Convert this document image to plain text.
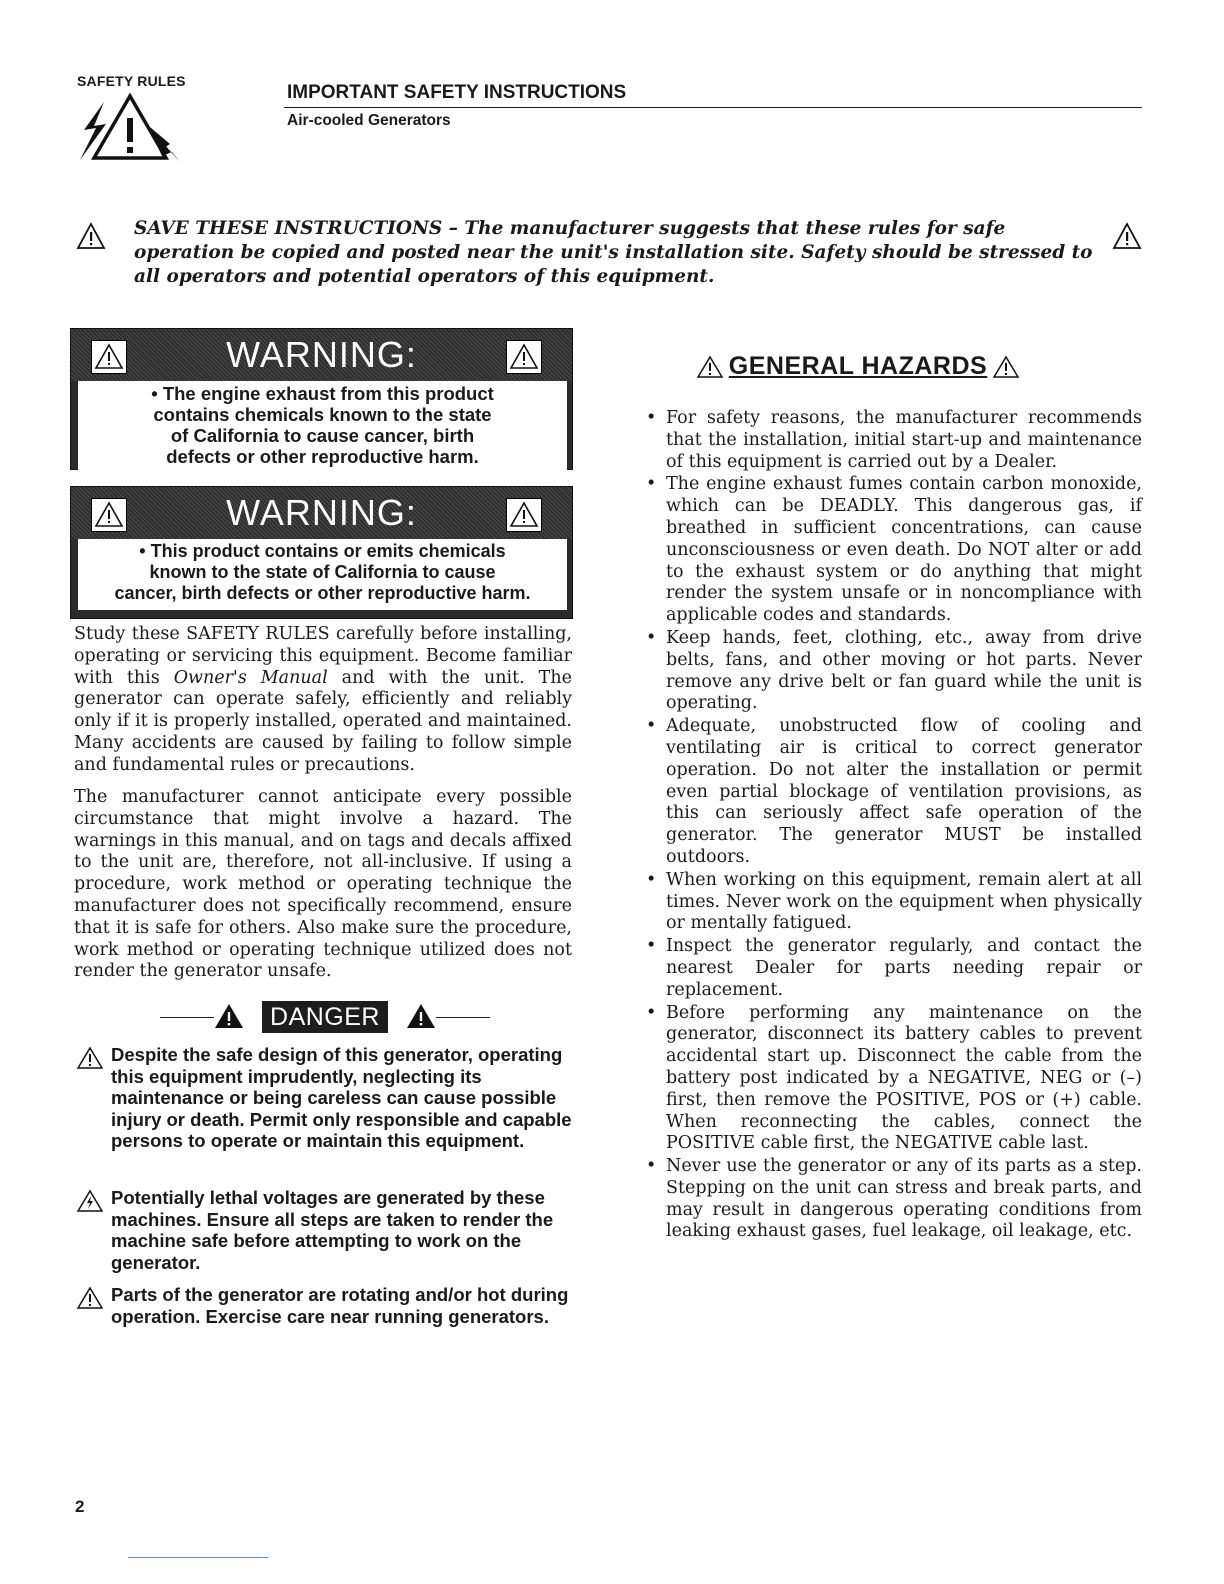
SAFETY RULES
IMPORTANT SAFETY INSTRUCTIONS
Air-cooled Generators

SAVE THESE INSTRUCTIONS – The manufacturer suggests that these rules for safe operation be copied and posted near the unit's installation site. Safety should be stressed to all operators and potential operators of this equipment.

WARNING:
• The engine exhaust from this product
contains chemicals known to the state
of California to cause cancer, birth
defects or other reproductive harm.
WARNING:
• This product contains or emits chemicals
known to the state of California to cause
cancer, birth defects or other reproductive harm.

Study these SAFETY RULES carefully before installing, operating or servicing this equipment. Become familiar with this Owner's Manual and with the unit. The generator can operate safely, efficiently and reliably only if it is properly installed, operated and maintained. Many accidents are caused by failing to follow simple and fundamental rules or precautions.

The manufacturer cannot anticipate every possible circumstance that might involve a hazard. The warnings in this manual, and on tags and decals affixed to the unit are, therefore, not all-inclusive. If using a procedure, work method or operating technique the manufacturer does not specifically recommend, ensure that it is safe for others. Also make sure the procedure, work method or operating technique utilized does not render the generator unsafe.

DANGER

Despite the safe design of this generator, operating this equipment imprudently, neglecting its maintenance or being careless can cause possible injury or death. Permit only responsible and capable persons to operate or maintain this equipment.

Potentially lethal voltages are generated by these machines. Ensure all steps are taken to render the machine safe before attempting to work on the generator.

Parts of the generator are rotating and/or hot during operation. Exercise care near running generators.

GENERAL HAZARDS
• For safety reasons, the manufacturer recommends that the installation, initial start-up and maintenance of this equipment is carried out by a Dealer.
• The engine exhaust fumes contain carbon monoxide, which can be DEADLY. This dangerous gas, if breathed in sufficient concentrations, can cause unconsciousness or even death. Do NOT alter or add to the exhaust system or do anything that might render the system unsafe or in noncompliance with applicable codes and standards.
• Keep hands, feet, clothing, etc., away from drive belts, fans, and other moving or hot parts. Never remove any drive belt or fan guard while the unit is operating.
• Adequate, unobstructed flow of cooling and ventilating air is critical to correct generator operation. Do not alter the installation or permit even partial blockage of ventilation provisions, as this can seriously affect safe operation of the generator. The generator MUST be installed outdoors.
• When working on this equipment, remain alert at all times. Never work on the equipment when physically or mentally fatigued.
• Inspect the generator regularly, and contact the nearest Dealer for parts needing repair or replacement.
• Before performing any maintenance on the generator, disconnect its battery cables to prevent accidental start up. Disconnect the cable from the battery post indicated by a NEGATIVE, NEG or (–) first, then remove the POSITIVE, POS or (+) cable. When reconnecting the cables, connect the POSITIVE cable first, the NEGATIVE cable last.
• Never use the generator or any of its parts as a step. Stepping on the unit can stress and break parts, and may result in dangerous operating conditions from leaking exhaust gases, fuel leakage, oil leakage, etc.
2
